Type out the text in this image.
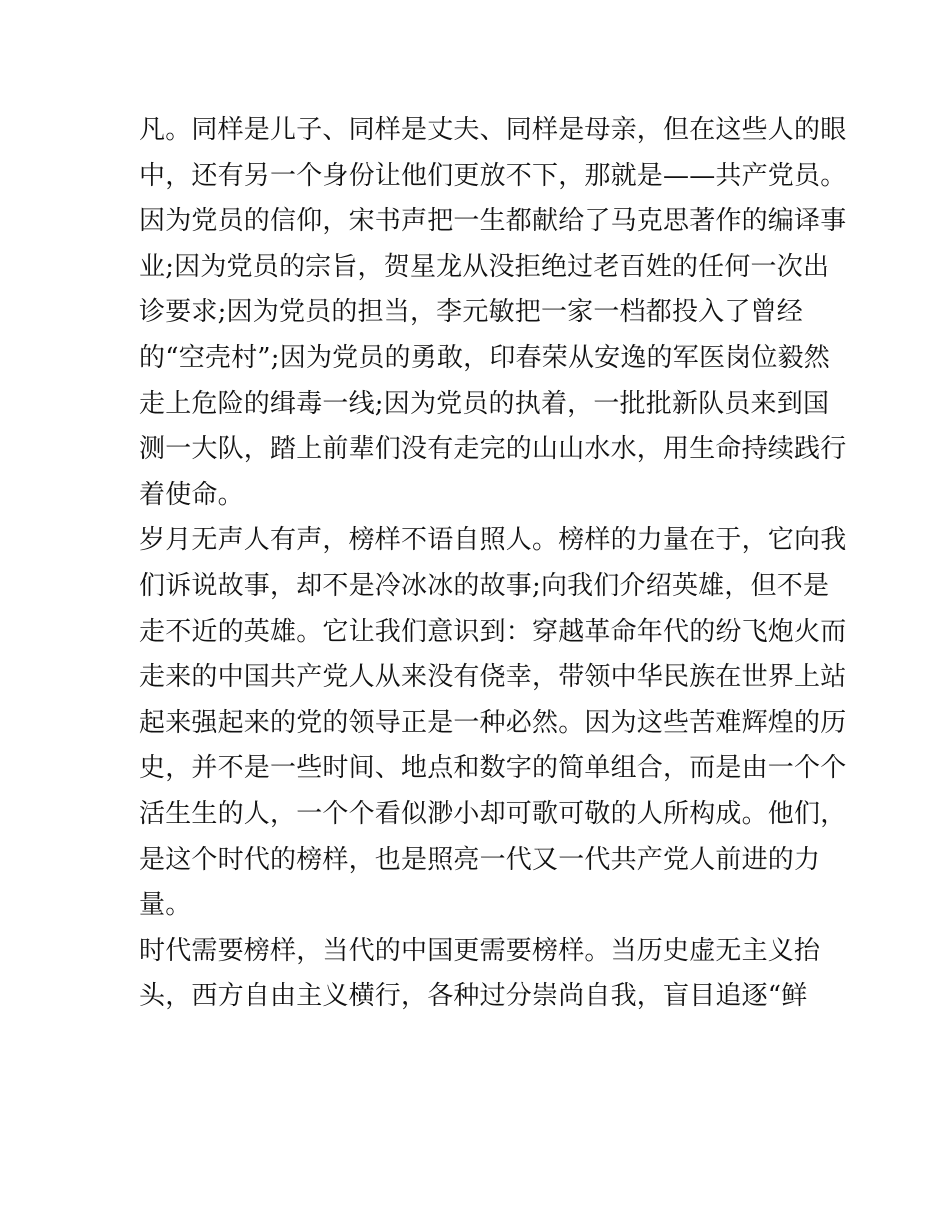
凡。同样是儿子、同样是丈夫、同样是母亲，但在这些人的眼
中，还有另一个身份让他们更放不下，那就是——共产党员。
因为党员的信仰，宋书声把一生都献给了马克思著作的编译事
业;因为党员的宗旨，贺星龙从没拒绝过老百姓的任何一次出
诊要求;因为党员的担当，李元敏把一家一档都投入了曾经
的“空壳村”;因为党员的勇敢，印春荣从安逸的军医岗位毅然
走上危险的缉毒一线;因为党员的执着，一批批新队员来到国
测一大队，踏上前辈们没有走完的山山水水，用生命持续践行
着使命。
岁月无声人有声，榜样不语自照人。榜样的力量在于，它向我
们诉说故事，却不是冷冰冰的故事;向我们介绍英雄，但不是
走不近的英雄。它让我们意识到：穿越革命年代的纷飞炮火而
走来的中国共产党人从来没有侥幸，带领中华民族在世界上站
起来强起来的党的领导正是一种必然。因为这些苦难辉煌的历
史，并不是一些时间、地点和数字的简单组合，而是由一个个
活生生的人，一个个看似渺小却可歌可敬的人所构成。他们，
是这个时代的榜样，也是照亮一代又一代共产党人前进的力
量。
时代需要榜样，当代的中国更需要榜样。当历史虚无主义抬
头，西方自由主义横行，各种过分崇尚自我，盲目追逐“鲜
